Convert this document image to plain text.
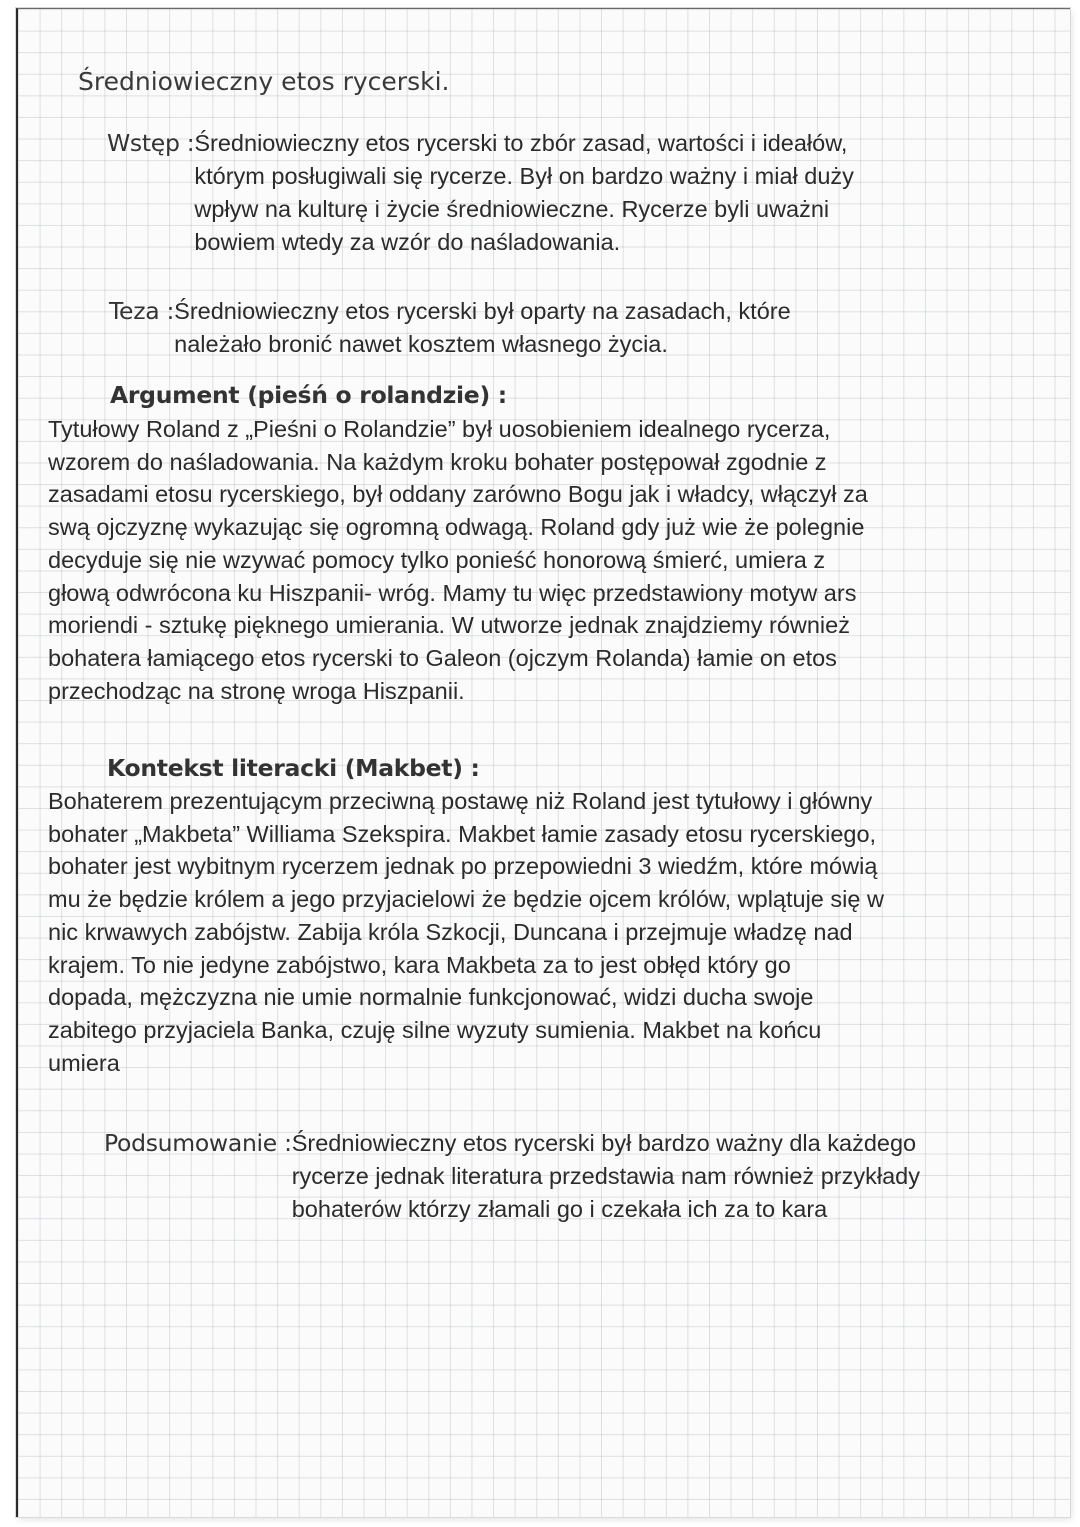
Średniowieczny etos rycerski.
Wstęp : Średniowieczny etos rycerski to zbór zasad, wartości i ideałów,
którym posługiwali się rycerze. Był on bardzo ważny i miał duży
wpływ na kulturę i życie średniowieczne. Rycerze byli uważni
bowiem wtedy za wzór do naśladowania.
Teza : Średniowieczny etos rycerski był oparty na zasadach, które
należało bronić nawet kosztem własnego życia.
Argument (pieśń o rolandzie) :

Tytułowy Roland z „Pieśni o Rolandzie” był uosobieniem idealnego rycerza,
wzorem do naśladowania. Na każdym kroku bohater postępował zgodnie z
zasadami etosu rycerskiego, był oddany zarówno Bogu jak i władcy, włączył za
swą ojczyznę wykazując się ogromną odwagą. Roland gdy już wie że polegnie
decyduje się nie wzywać pomocy tylko ponieść honorową śmierć, umiera z
głową odwrócona ku Hiszpanii- wróg. Mamy tu więc przedstawiony motyw ars
moriendi - sztukę pięknego umierania. W utworze jednak znajdziemy również
bohatera łamiącego etos rycerski to Galeon (ojczym Rolanda) łamie on etos
przechodząc na stronę wroga Hiszpanii.

Kontekst literacki (Makbet) :

Bohaterem prezentującym przeciwną postawę niż Roland jest tytułowy i główny
bohater „Makbeta” Williama Szekspira. Makbet łamie zasady etosu rycerskiego,
bohater jest wybitnym rycerzem jednak po przepowiedni 3 wiedźm, które mówią
mu że będzie królem a jego przyjacielowi że będzie ojcem królów, wplątuje się w
nic krwawych zabójstw. Zabija króla Szkocji, Duncana i przejmuje władzę nad
krajem. To nie jedyne zabójstwo, kara Makbeta za to jest obłęd który go
dopada, mężczyzna nie umie normalnie funkcjonować, widzi ducha swoje
zabitego przyjaciela Banka, czuję silne wyzuty sumienia. Makbet na końcu
umiera

Podsumowanie : Średniowieczny etos rycerski był bardzo ważny dla każdego
rycerze jednak literatura przedstawia nam również przykłady
bohaterów którzy złamali go i czekała ich za to kara
